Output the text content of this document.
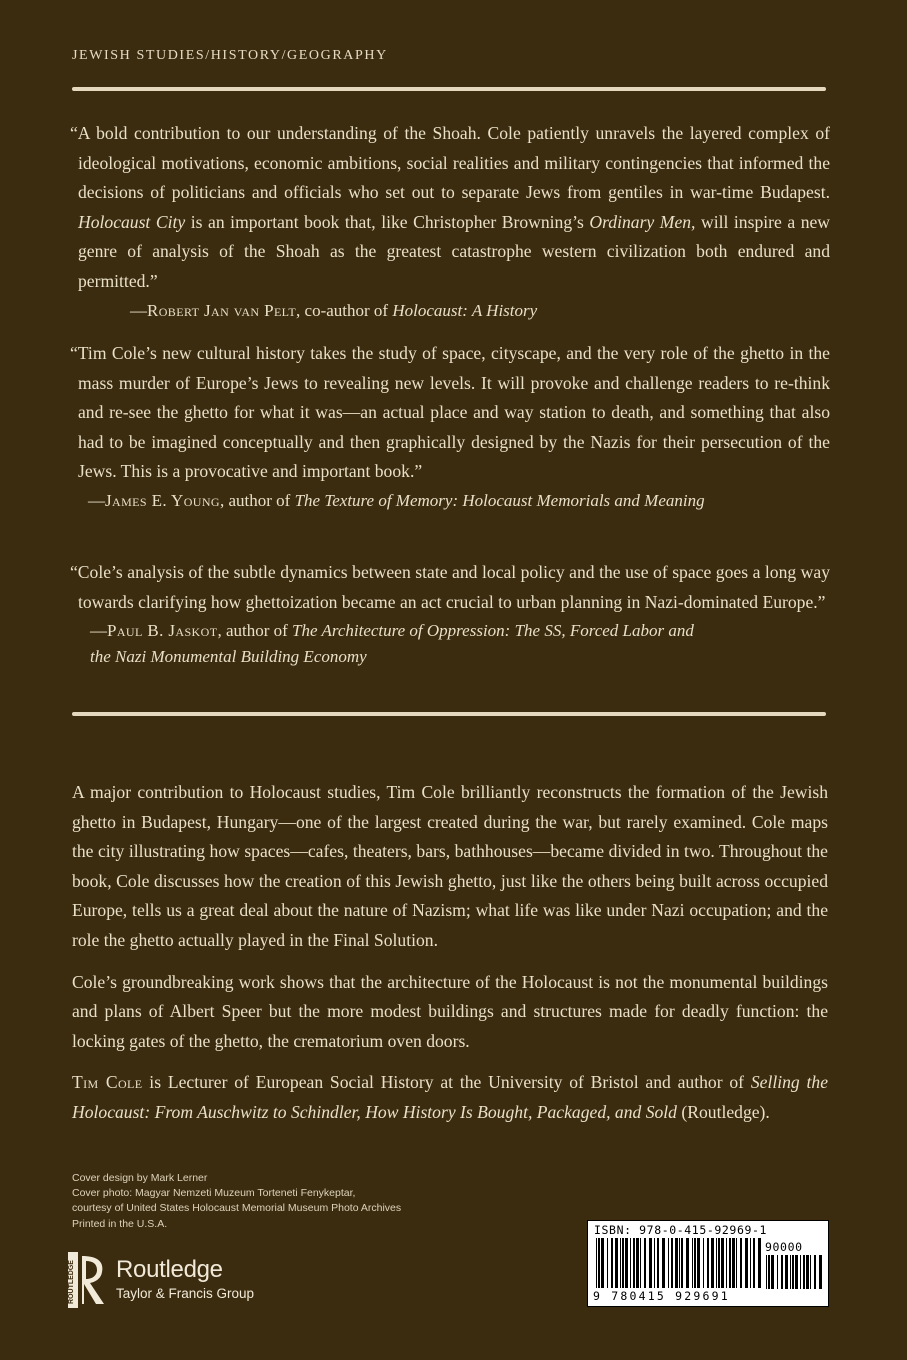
JEWISH STUDIES/HISTORY/GEOGRAPHY

“A bold contribution to our understanding of the Shoah. Cole patiently unravels the layered complex of ideological motivations, economic ambitions, social realities and military contingencies that informed the decisions of politicians and officials who set out to separate Jews from gentiles in war-time Budapest. Holocaust City is an important book that, like Christopher Browning’s Ordinary Men, will inspire a new genre of analysis of the Shoah as the greatest catastrophe western civilization both endured and permitted.”

—Robert Jan van Pelt, co-author of Holocaust: A History

“Tim Cole’s new cultural history takes the study of space, cityscape, and the very role of the ghetto in the mass murder of Europe’s Jews to revealing new levels. It will provoke and challenge readers to re-think and re-see the ghetto for what it was—an actual place and way station to death, and something that also had to be imagined conceptually and then graphically designed by the Nazis for their persecution of the Jews. This is a provocative and important book.”

—James E. Young, author of The Texture of Memory: Holocaust Memorials and Meaning

“Cole’s analysis of the subtle dynamics between state and local policy and the use of space goes a long way towards clarifying how ghettoization became an act crucial to urban planning in Nazi-dominated Europe.”

—Paul B. Jaskot, author of The Architecture of Oppression: The SS, Forced Labor and
the Nazi Monumental Building Economy

A major contribution to Holocaust studies, Tim Cole brilliantly reconstructs the formation of the Jewish ghetto in Budapest, Hungary—one of the largest created during the war, but rarely examined. Cole maps the city illustrating how spaces—cafes, theaters, bars, bathhouses—became divided in two. Throughout the book, Cole discusses how the creation of this Jewish ghetto, just like the others being built across occupied Europe, tells us a great deal about the nature of Nazism; what life was like under Nazi occupation; and the role the ghetto actually played in the Final Solution.

Cole’s groundbreaking work shows that the architecture of the Holocaust is not the monumental buildings and plans of Albert Speer but the more modest buildings and structures made for deadly function: the locking gates of the ghetto, the crematorium oven doors.

Tim Cole is Lecturer of European Social History at the University of Bristol and author of Selling the Holocaust: From Auschwitz to Schindler, How History Is Bought, Packaged, and Sold (Routledge).

Cover design by Mark Lerner
Cover photo: Magyar Nemzeti Muzeum Torteneti Fenykeptar,
courtesy of United States Holocaust Memorial Museum Photo Archives
Printed in the U.S.A.
ROUTLEDGE Routledge
Taylor & Francis Group
ISBN: 978-0-415-92969-1
90000
9 780415 929691
